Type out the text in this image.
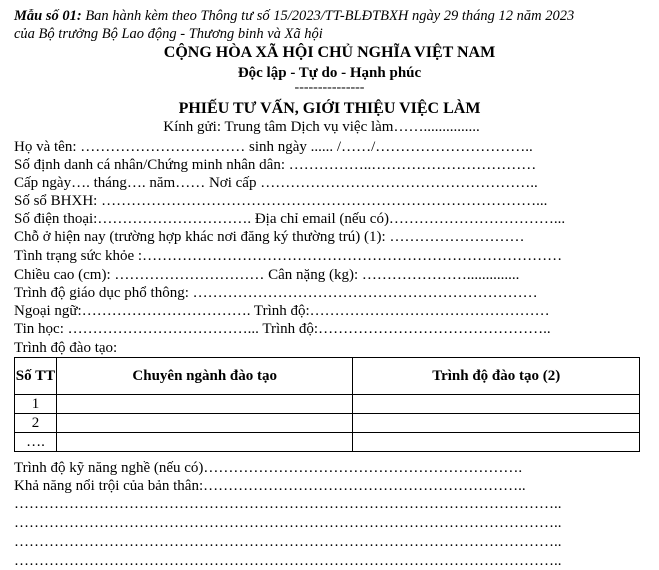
Mẫu số 01: Ban hành kèm theo Thông tư số 15/2023/TT-BLĐTBXH ngày 29 tháng 12 năm 2023
của Bộ trưởng Bộ Lao động - Thương binh và Xã hội
CỘNG HÒA XÃ HỘI CHỦ NGHĨA VIỆT NAM
Độc lập - Tự do - Hạnh phúc
---------------
PHIẾU TƯ VẤN, GIỚI THIỆU VIỆC LÀM
Kính gửi: Trung tâm Dịch vụ việc làm……...............
Họ và tên: …………………………… sinh ngày ...... /……/…………………………..
Số định danh cá nhân/Chứng minh nhân dân: ……………..……………………………
Cấp ngày…. tháng…. năm…… Nơi cấp ………………………………………………..
Số sổ BHXH: ……………………………………………………………………………...
Số điện thoại:…………………………. Địa chỉ email (nếu có)……………………………...
Chỗ ở hiện nay (trường hợp khác nơi đăng ký thường trú) (1): ………………………
Tình trạng sức khỏe :…………………………………………………………………………
Chiều cao (cm): ………………………… Cân nặng (kg): …………………..............
Trình độ giáo dục phổ thông: ……………………………………………………………
Ngoại ngữ:……………………………. Trình độ:…………………………………………
Tin học: ………………………………... Trình độ:………………………………………..
Trình độ đào tạo:
Số TT	Chuyên ngành đào tạo	Trình độ đào tạo (2)
1		
2		
….		
Trình độ kỹ năng nghề (nếu có)……………………………………………………….
Khả năng nổi trội của bản thân:………………………………………………………..
………………………………………………………………………………………………..
………………………………………………………………………………………………..
………………………………………………………………………………………………..
………………………………………………………………………………………………..
